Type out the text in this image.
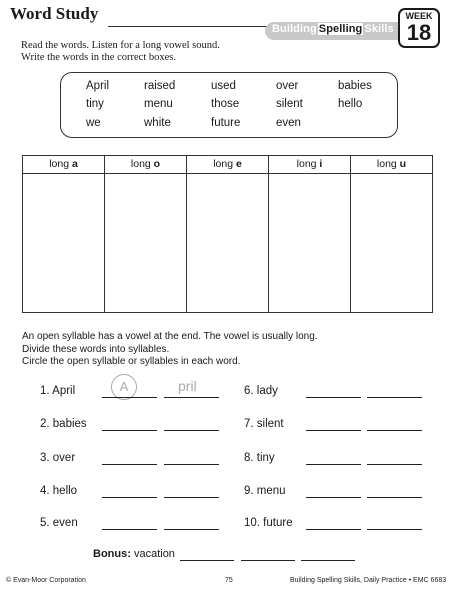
Word Study
Building Spelling Skills
WEEK
18
Read the words. Listen for a long vowel sound.
Write the words in the correct boxes.
April	raised	used	over	babies
tiny	menu	those	silent	hello
we	white	future	even
long a	long o	long e	long i	long u
An open syllable has a vowel at the end. The vowel is usually long.
Divide these words into syllables.
Circle the open syllable or syllables in each word.
A	pril
1. April	6. lady
2. babies	7. silent
3. over	8. tiny
4. hello	9. menu
5. even	10. future
Bonus: vacation
© Evan-Moor Corporation	75	Building Spelling Skills, Daily Practice • EMC 6683
